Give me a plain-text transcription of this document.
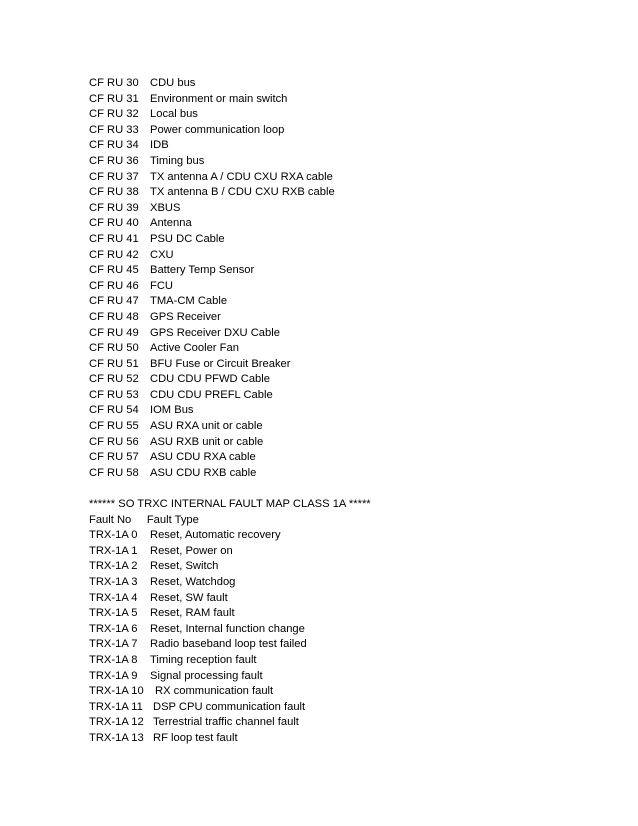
CF RU 30 CDU bus
CF RU 31 Environment or main switch
CF RU 32 Local bus
CF RU 33 Power communication loop
CF RU 34 IDB
CF RU 36 Timing bus
CF RU 37 TX antenna A / CDU CXU RXA cable
CF RU 38 TX antenna B / CDU CXU RXB cable
CF RU 39 XBUS
CF RU 40 Antenna
CF RU 41 PSU DC Cable
CF RU 42 CXU
CF RU 45 Battery Temp Sensor
CF RU 46 FCU
CF RU 47 TMA-CM Cable
CF RU 48 GPS Receiver
CF RU 49 GPS Receiver DXU Cable
CF RU 50 Active Cooler Fan
CF RU 51 BFU Fuse or Circuit Breaker
CF RU 52 CDU CDU PFWD Cable
CF RU 53 CDU CDU PREFL Cable
CF RU 54 IOM Bus
CF RU 55 ASU RXA unit or cable
CF RU 56 ASU RXB unit or cable
CF RU 57 ASU CDU RXA cable
CF RU 58 ASU CDU RXB cable
****** SO TRXC INTERNAL FAULT MAP CLASS 1A *****
Fault No     Fault Type
TRX-1A 0 Reset, Automatic recovery
TRX-1A 1 Reset, Power on
TRX-1A 2 Reset, Switch
TRX-1A 3 Reset, Watchdog
TRX-1A 4 Reset, SW fault
TRX-1A 5 Reset, RAM fault
TRX-1A 6 Reset, Internal function change
TRX-1A 7 Radio baseband loop test failed
TRX-1A 8 Timing reception fault
TRX-1A 9 Signal processing fault
TRX-1A 10 RX communication fault
TRX-1A 11 DSP CPU communication fault
TRX-1A 12 Terrestrial traffic channel fault
TRX-1A 13 RF loop test fault
